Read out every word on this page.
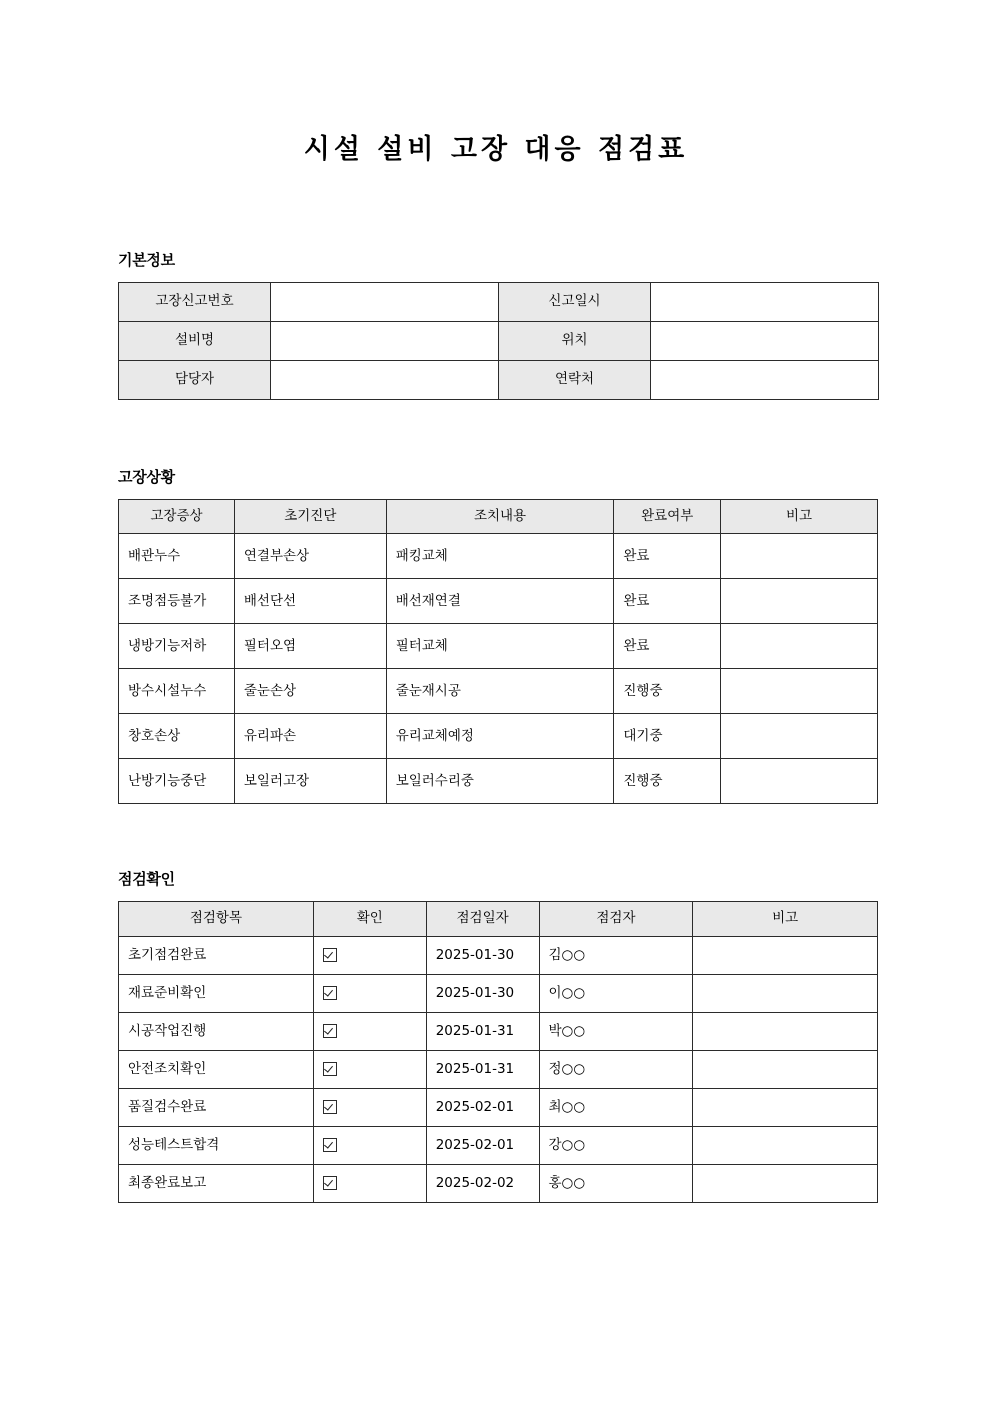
시설 설비 고장 대응 점검표
기본정보
고장신고번호		신고일시	
설비명		위치	
담당자		연락처	
고장상황
고장증상	초기진단	조치내용	완료여부	비고
배관누수	연결부손상	패킹교체	완료	
조명점등불가	배선단선	배선재연결	완료	
냉방기능저하	필터오염	필터교체	완료	
방수시설누수	줄눈손상	줄눈재시공	진행중	
창호손상	유리파손	유리교체예정	대기중	
난방기능중단	보일러고장	보일러수리중	진행중	
점검확인
점검항목	확인	점검일자	점검자	비고
초기점검완료		2025-01-30	김○○	
재료준비확인		2025-01-30	이○○	
시공작업진행		2025-01-31	박○○	
안전조치확인		2025-01-31	정○○	
품질검수완료		2025-02-01	최○○	
성능테스트합격		2025-02-01	강○○	
최종완료보고		2025-02-02	홍○○	
